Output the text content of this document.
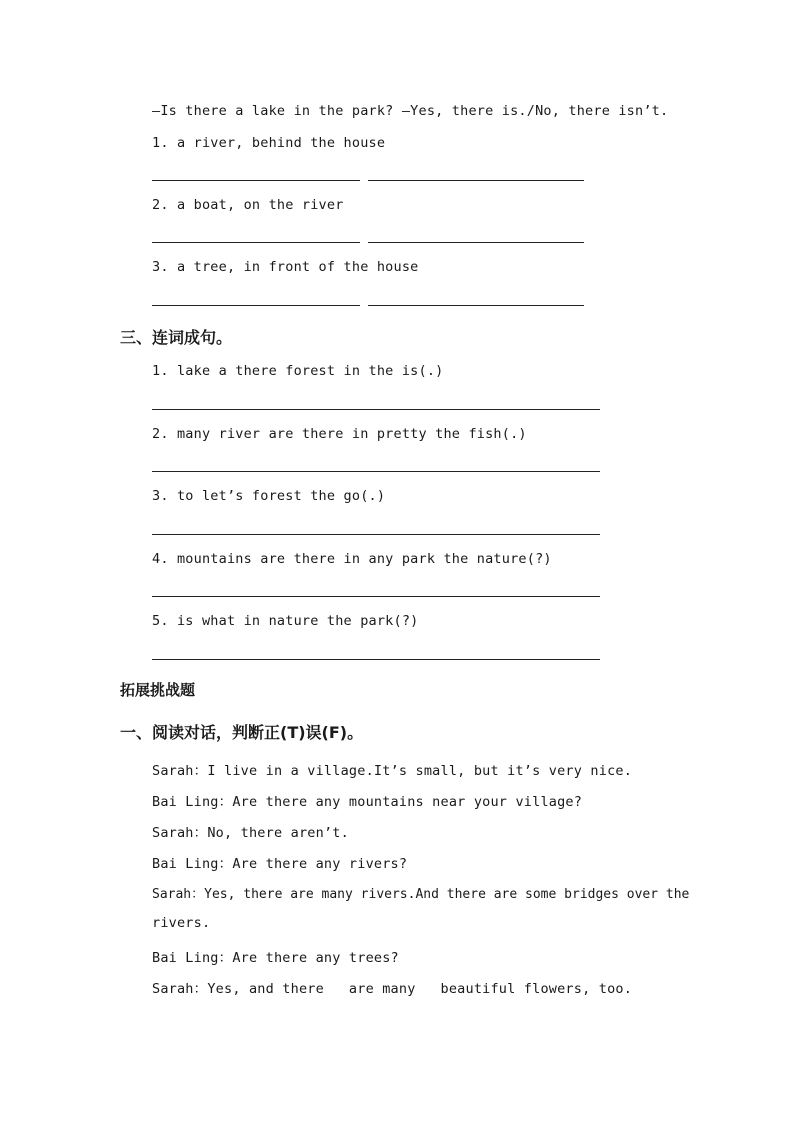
—Is there a lake in the park? —Yes, there is./No, there isn’t.
1. a river, behind the house
2. a boat, on the river
3. a tree, in front of the house
三、连词成句。
1. lake a there forest in the is(.)
2. many river are there in pretty the fish(.)
3. to let’s forest the go(.)
4. mountains are there in any park the nature(?)
5. is what in nature the park(?)
拓展挑战题
一、阅读对话，判断正(T)误(F)。
Sarah：I live in a village.It’s small, but it’s very nice.
Bai Ling：Are there any mountains near your village?
Sarah：No, there aren’t.
Bai Ling：Are there any rivers?
Sarah：Yes, there are many rivers.And there are some bridges over the
rivers.
Bai Ling：Are there any trees?
Sarah：Yes, and there   are many   beautiful flowers, too.
